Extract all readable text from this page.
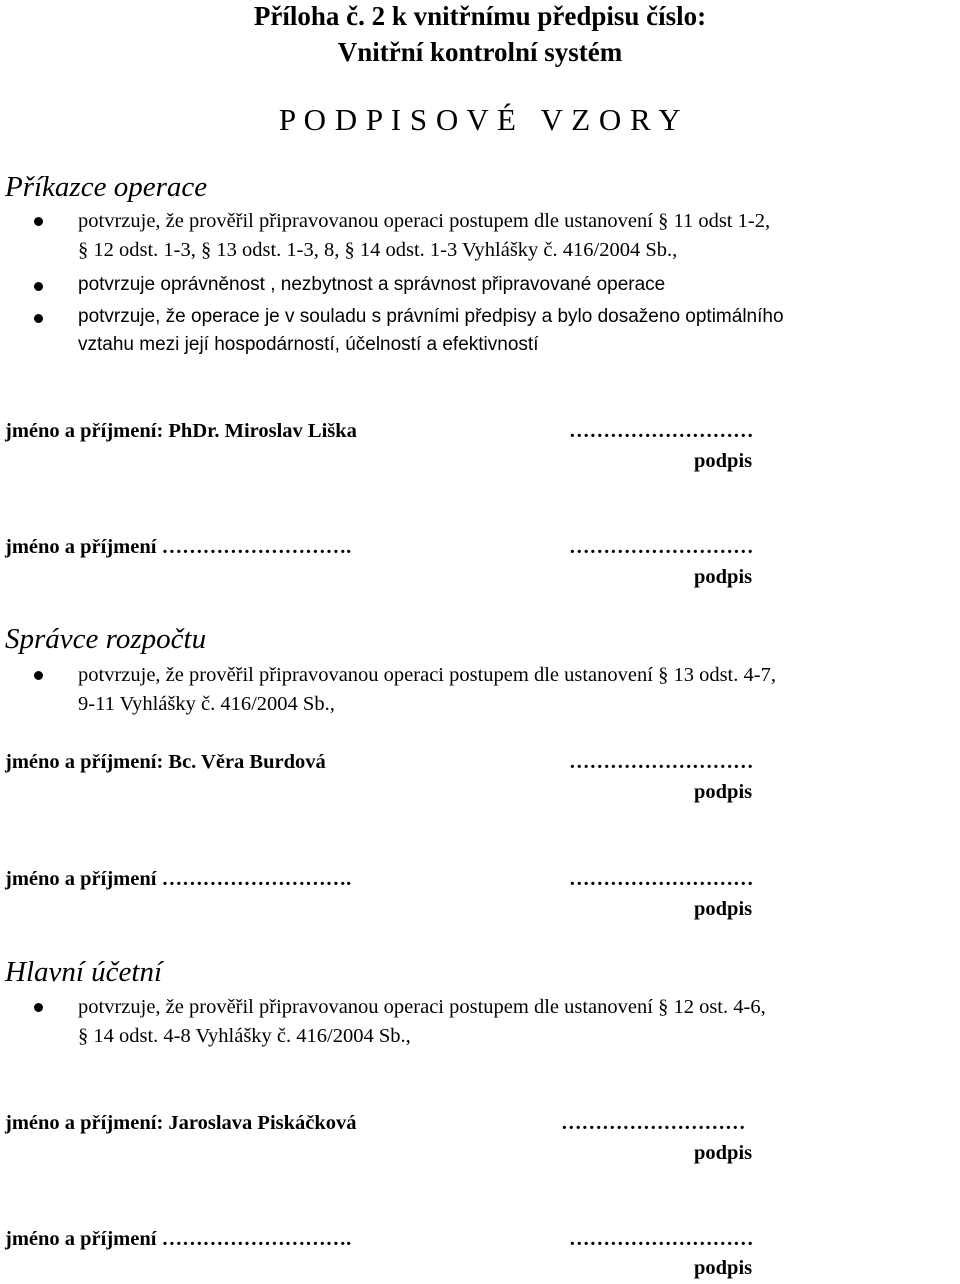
Příloha č. 2 k vnitřnímu předpisu číslo:
Vnitřní kontrolní systém
P O D P I S O V É   V Z O R Y
Příkazce operace
potvrzuje, že prověřil připravovanou operaci postupem dle ustanovení § 11 odst 1-2,
§ 12 odst. 1-3, § 13 odst. 1-3, 8, § 14 odst. 1-3 Vyhlášky č. 416/2004 Sb.,
potvrzuje oprávněnost , nezbytnost a správnost připravované operace
potvrzuje, že operace je v souladu s právními předpisy a bylo dosaženo optimálního
vztahu mezi její hospodárností, účelností a efektivností
jméno a příjmení: PhDr. Miroslav Liška	………………………
podpis
jméno a příjmení ……………………….	………………………
podpis
Správce rozpočtu
potvrzuje, že prověřil připravovanou operaci postupem dle ustanovení § 13 odst. 4-7,
9-11 Vyhlášky č. 416/2004 Sb.,
jméno a příjmení: Bc. Věra Burdová	………………………
podpis
jméno a příjmení ……………………….	………………………
podpis
Hlavní účetní
potvrzuje, že prověřil připravovanou operaci postupem dle ustanovení § 12 ost. 4-6,
§ 14 odst. 4-8 Vyhlášky č. 416/2004 Sb.,
jméno a příjmení: Jaroslava Piskáčková	………………………
podpis
jméno a příjmení ……………………….	………………………
podpis
